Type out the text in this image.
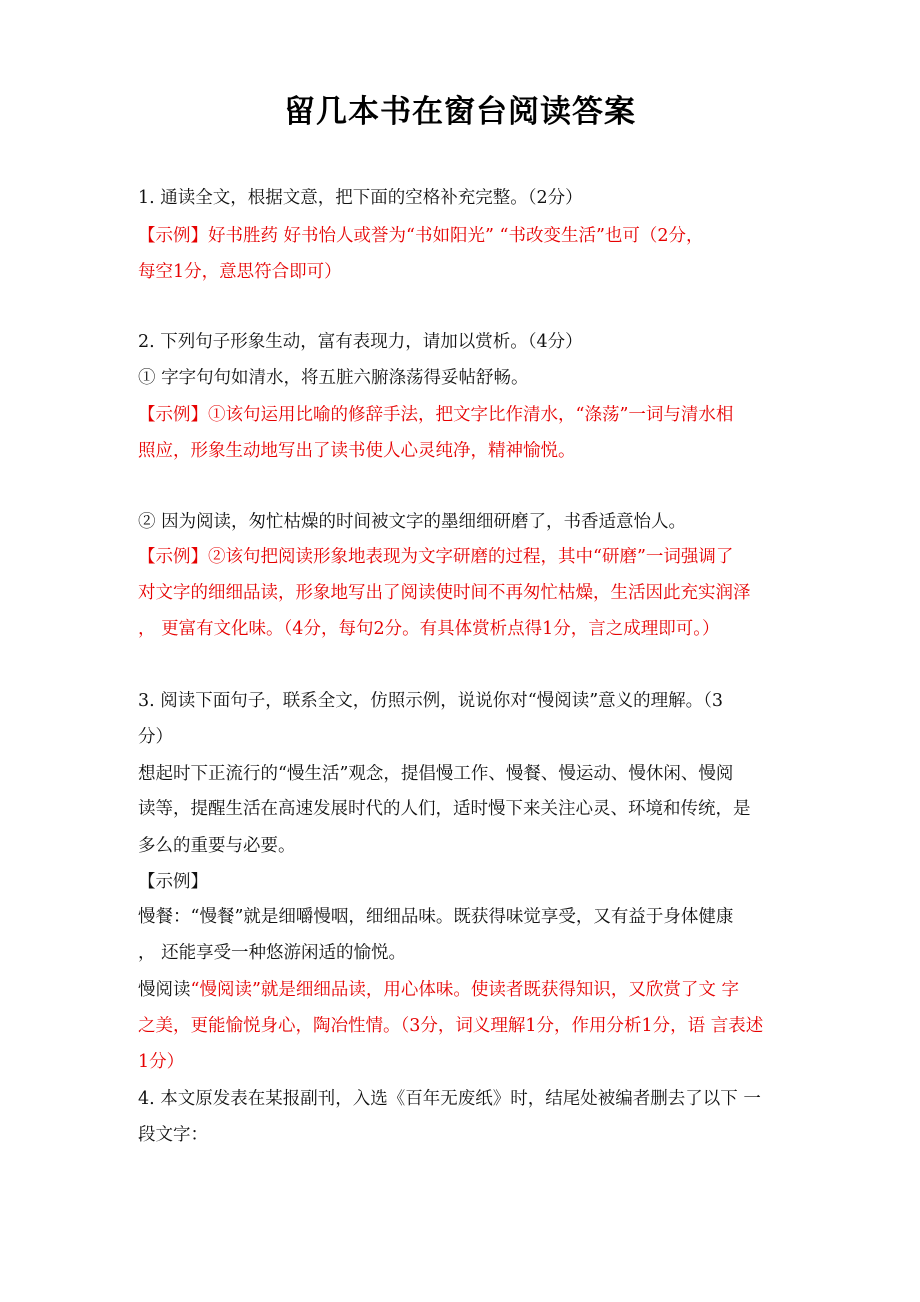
留几本书在窗台阅读答案
1. 通读全文，根据文意，把下面的空格补充完整。（2分）
【示例】好书胜药 好书怡人或誉为“书如阳光” “书改变生活”也可（2分，
每空1分，意思符合即可）
2. 下列句子形象生动，富有表现力，请加以赏析。（4分）
① 字字句句如清水，将五脏六腑涤荡得妥帖舒畅。
【示例】①该句运用比喻的修辞手法，把文字比作清水，“涤荡”一词与清水相
照应，形象生动地写出了读书使人心灵纯净，精神愉悦。
② 因为阅读，匆忙枯燥的时间被文字的墨细细研磨了，书香适意怡人。
【示例】②该句把阅读形象地表现为文字研磨的过程，其中“研磨”一词强调了
对文字的细细品读，形象地写出了阅读使时间不再匆忙枯燥，生活因此充实润泽
， 更富有文化味。（4分，每句2分。有具体赏析点得1分，言之成理即可。）
3. 阅读下面句子，联系全文，仿照示例，说说你对“慢阅读”意义的理解。（3
分）
想起时下正流行的“慢生活”观念，提倡慢工作、慢餐、慢运动、慢休闲、慢阅
读等，提醒生活在高速发展时代的人们，适时慢下来关注心灵、环境和传统，是
多么的重要与必要。
【示例】
慢餐：“慢餐”就是细嚼慢咽，细细品味。既获得味觉享受，又有益于身体健康
， 还能享受一种悠游闲适的愉悦。
慢阅读“慢阅读”就是细细品读，用心体味。使读者既获得知识，又欣赏了文 字
之美，更能愉悦身心，陶冶性情。（3分，词义理解1分，作用分析1分，语 言表述
1分）
4. 本文原发表在某报副刊，入选《百年无废纸》时，结尾处被编者删去了以下 一
段文字：
